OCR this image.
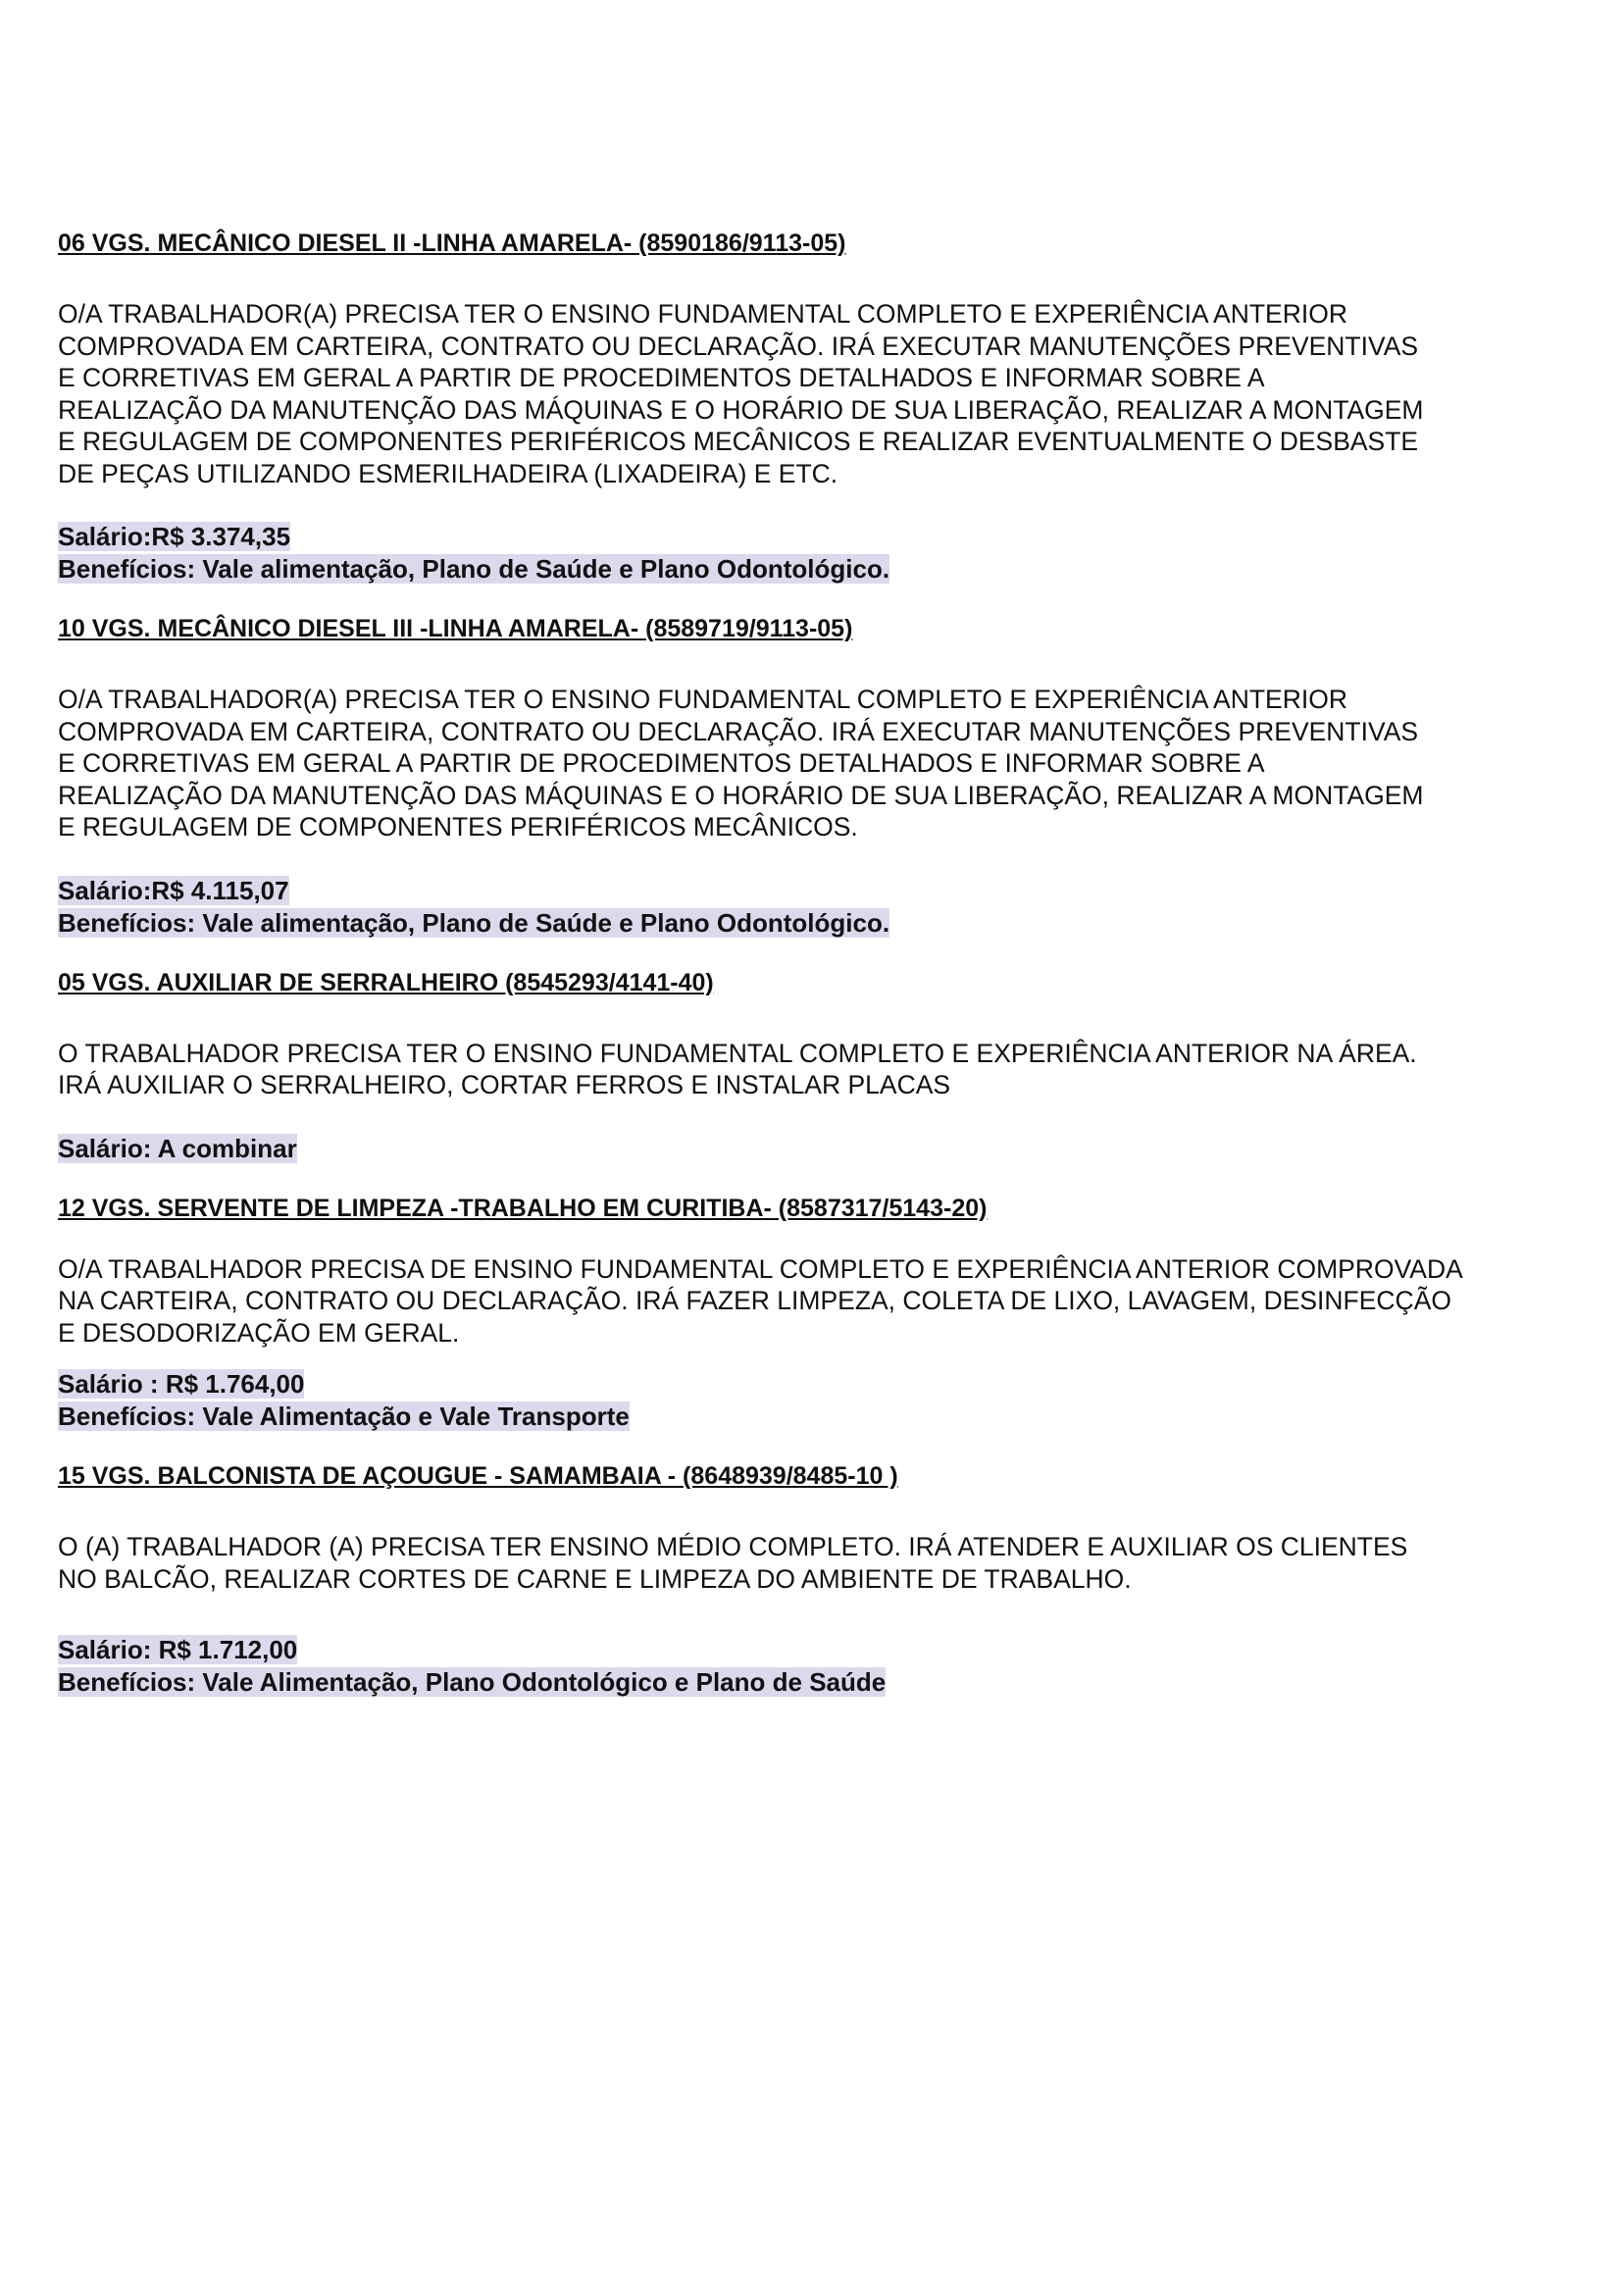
06 VGS. MECÂNICO DIESEL II -LINHA AMARELA- (8590186/9113-05)
O/A TRABALHADOR(A) PRECISA TER O ENSINO FUNDAMENTAL COMPLETO E EXPERIÊNCIA ANTERIOR
COMPROVADA EM CARTEIRA, CONTRATO OU DECLARAÇÃO. IRÁ EXECUTAR MANUTENÇÕES PREVENTIVAS
E CORRETIVAS EM GERAL A PARTIR DE PROCEDIMENTOS DETALHADOS E INFORMAR SOBRE A
REALIZAÇÃO DA MANUTENÇÃO DAS MÁQUINAS E O HORÁRIO DE SUA LIBERAÇÃO, REALIZAR A MONTAGEM
E REGULAGEM DE COMPONENTES PERIFÉRICOS MECÂNICOS E REALIZAR EVENTUALMENTE O DESBASTE
DE PEÇAS UTILIZANDO ESMERILHADEIRA (LIXADEIRA) E ETC.
Salário:R$ 3.374,35
Benefícios: Vale alimentação, Plano de Saúde e Plano Odontológico.
10 VGS. MECÂNICO DIESEL III -LINHA AMARELA- (8589719/9113-05)
O/A TRABALHADOR(A) PRECISA TER O ENSINO FUNDAMENTAL COMPLETO E EXPERIÊNCIA ANTERIOR
COMPROVADA EM CARTEIRA, CONTRATO OU DECLARAÇÃO. IRÁ EXECUTAR MANUTENÇÕES PREVENTIVAS
E CORRETIVAS EM GERAL A PARTIR DE PROCEDIMENTOS DETALHADOS E INFORMAR SOBRE A
REALIZAÇÃO DA MANUTENÇÃO DAS MÁQUINAS E O HORÁRIO DE SUA LIBERAÇÃO, REALIZAR A MONTAGEM
E REGULAGEM DE COMPONENTES PERIFÉRICOS MECÂNICOS.
Salário:R$ 4.115,07
Benefícios: Vale alimentação, Plano de Saúde e Plano Odontológico.
05 VGS. AUXILIAR DE SERRALHEIRO (8545293/4141-40)
O TRABALHADOR PRECISA TER O ENSINO FUNDAMENTAL COMPLETO E EXPERIÊNCIA ANTERIOR NA ÁREA.
IRÁ AUXILIAR O SERRALHEIRO, CORTAR FERROS E INSTALAR PLACAS
Salário: A combinar
12 VGS. SERVENTE DE LIMPEZA -TRABALHO EM CURITIBA- (8587317/5143-20)
O/A TRABALHADOR PRECISA DE ENSINO FUNDAMENTAL COMPLETO E EXPERIÊNCIA ANTERIOR COMPROVADA
NA CARTEIRA, CONTRATO OU DECLARAÇÃO. IRÁ FAZER LIMPEZA, COLETA DE LIXO, LAVAGEM, DESINFECÇÃO
E DESODORIZAÇÃO EM GERAL.
Salário : R$ 1.764,00
Benefícios: Vale Alimentação e Vale Transporte
15 VGS. BALCONISTA DE AÇOUGUE - SAMAMBAIA - (8648939/8485-10 )
O (A) TRABALHADOR (A) PRECISA TER ENSINO MÉDIO COMPLETO. IRÁ ATENDER E AUXILIAR OS CLIENTES
NO BALCÃO, REALIZAR CORTES DE CARNE E LIMPEZA DO AMBIENTE DE TRABALHO.
Salário: R$ 1.712,00
Benefícios: Vale Alimentação, Plano Odontológico e Plano de Saúde
